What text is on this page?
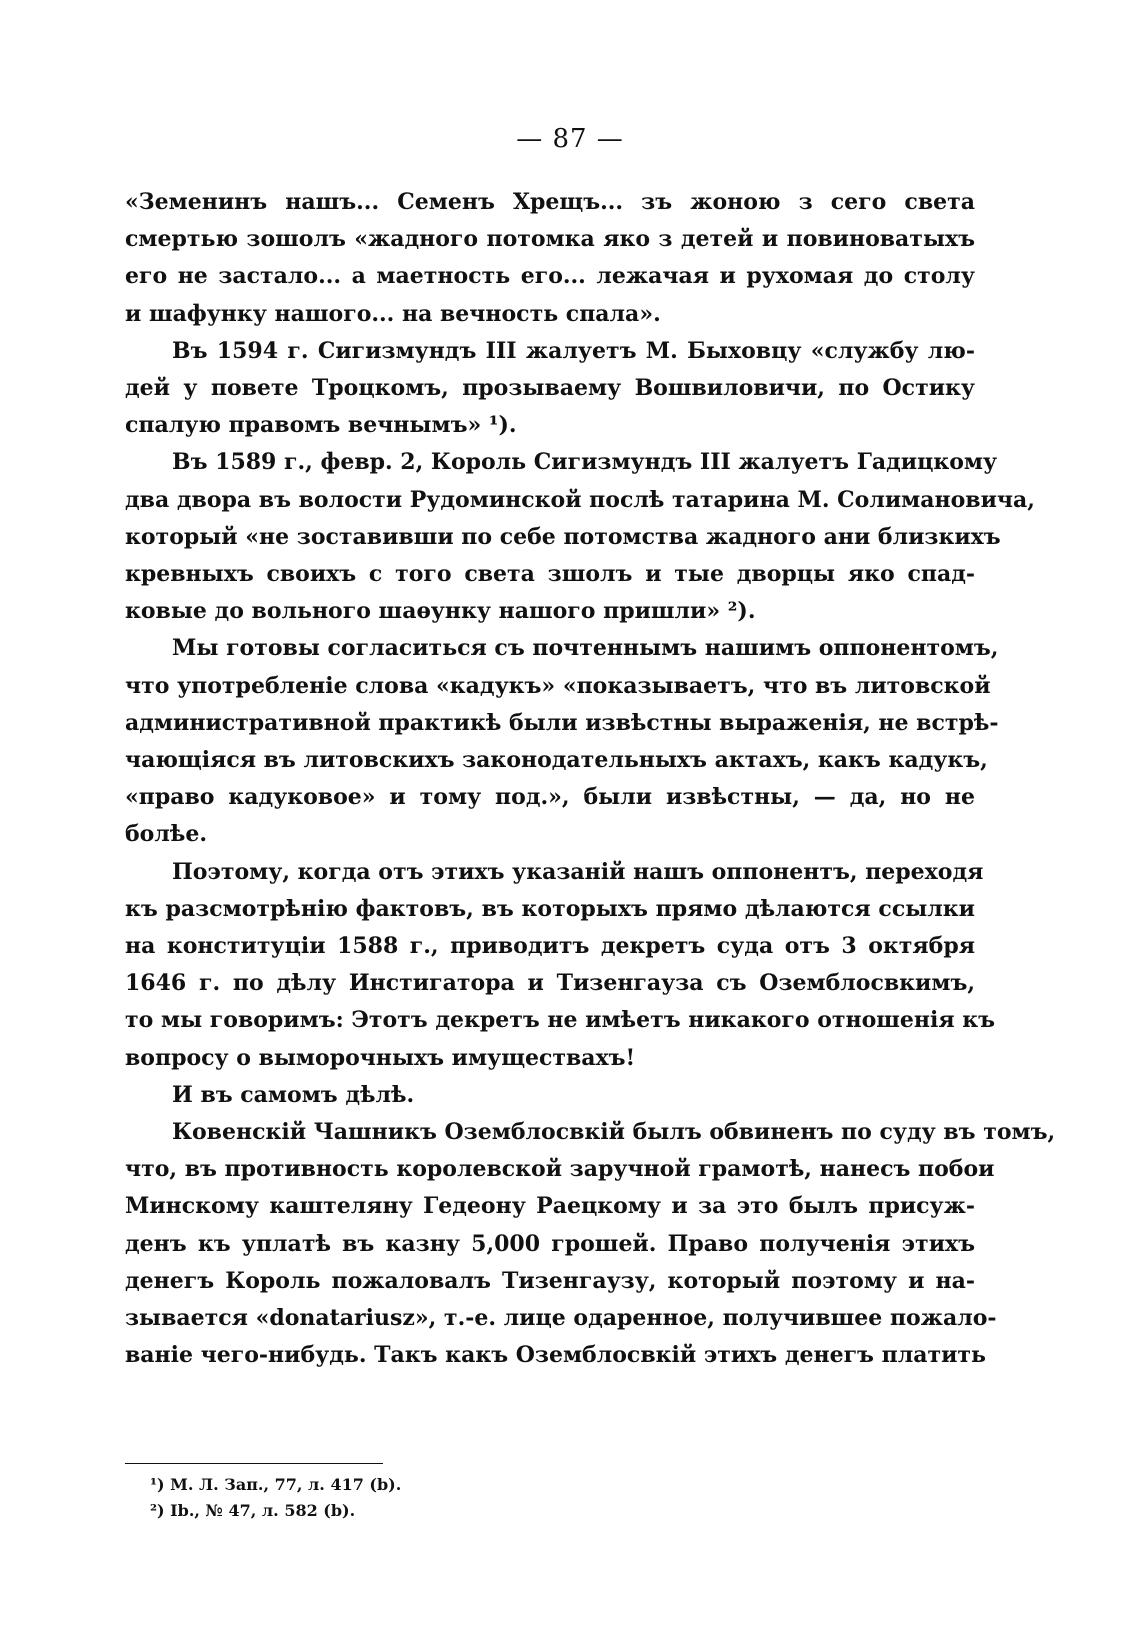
— 87 —
«Земенинъ нашъ... Семенъ Хрещъ... зъ жоною з сего света
смертью зошолъ «жадного потомка яко з детей и повиноватыхъ
его не застало... а маетность его... лежачая и рухомая до столу
и шафунку нашого... на вечность спала».
Въ 1594 г. Сигизмундъ III жалуетъ М. Быховцу «службу лю-
дей у повете Троцкомъ, прозываему Вошвиловичи, по Остику
спалую правомъ вечнымъ» ¹).
Въ 1589 г., февр. 2, Король Сигизмундъ III жалуетъ Гадицкому
два двора въ волости Рудоминской послѣ татарина М. Солимановича,
который «не зоставивши по себе потомства жадного ани близкихъ
кревныхъ своихъ с того света зшолъ и тые дворцы яко спад-
ковые до вольного шаѳунку нашого пришли» ²).
Мы готовы согласиться съ почтеннымъ нашимъ оппонентомъ,
что употребленіе слова «кадукъ» «показываетъ, что въ литовской
административной практикѣ были извѣстны выраженія, не встрѣ-
чающіяся въ литовскихъ законодательныхъ актахъ, какъ кадукъ,
«право кадуковое» и тому под.», были извѣстны, — да, но не
болѣе.
Поэтому, когда отъ этихъ указаній нашъ оппонентъ, переходя
къ разсмотрѣнію фактовъ, въ которыхъ прямо дѣлаются ссылки
на конституціи 1588 г., приводитъ декретъ суда отъ 3 октября
1646 г. по дѣлу Инстигатора и Тизенгауза съ Оземблосвкимъ,
то мы говоримъ: Этотъ декретъ не имѣетъ никакого отношенія къ
вопросу о выморочныхъ имуществахъ!
И въ самомъ дѣлѣ.
Ковенскій Чашникъ Оземблосвкій былъ обвиненъ по суду въ томъ,
что, въ противность королевской заручной грамотѣ, нанесъ побои
Минскому каштеляну Гедеону Раецкому и за это былъ присуж-
денъ къ уплатѣ въ казну 5,000 грошей. Право полученія этихъ
денегъ Король пожаловалъ Тизенгаузу, который поэтому и на-
зывается «donatariusz», т.-е. лице одаренное, получившее пожало-
ваніе чего-нибудь. Такъ какъ Оземблосвкій этихъ денегъ платить
¹) М. Л. Зап., 77, л. 417 (b).
²) Ib., № 47, л. 582 (b).
